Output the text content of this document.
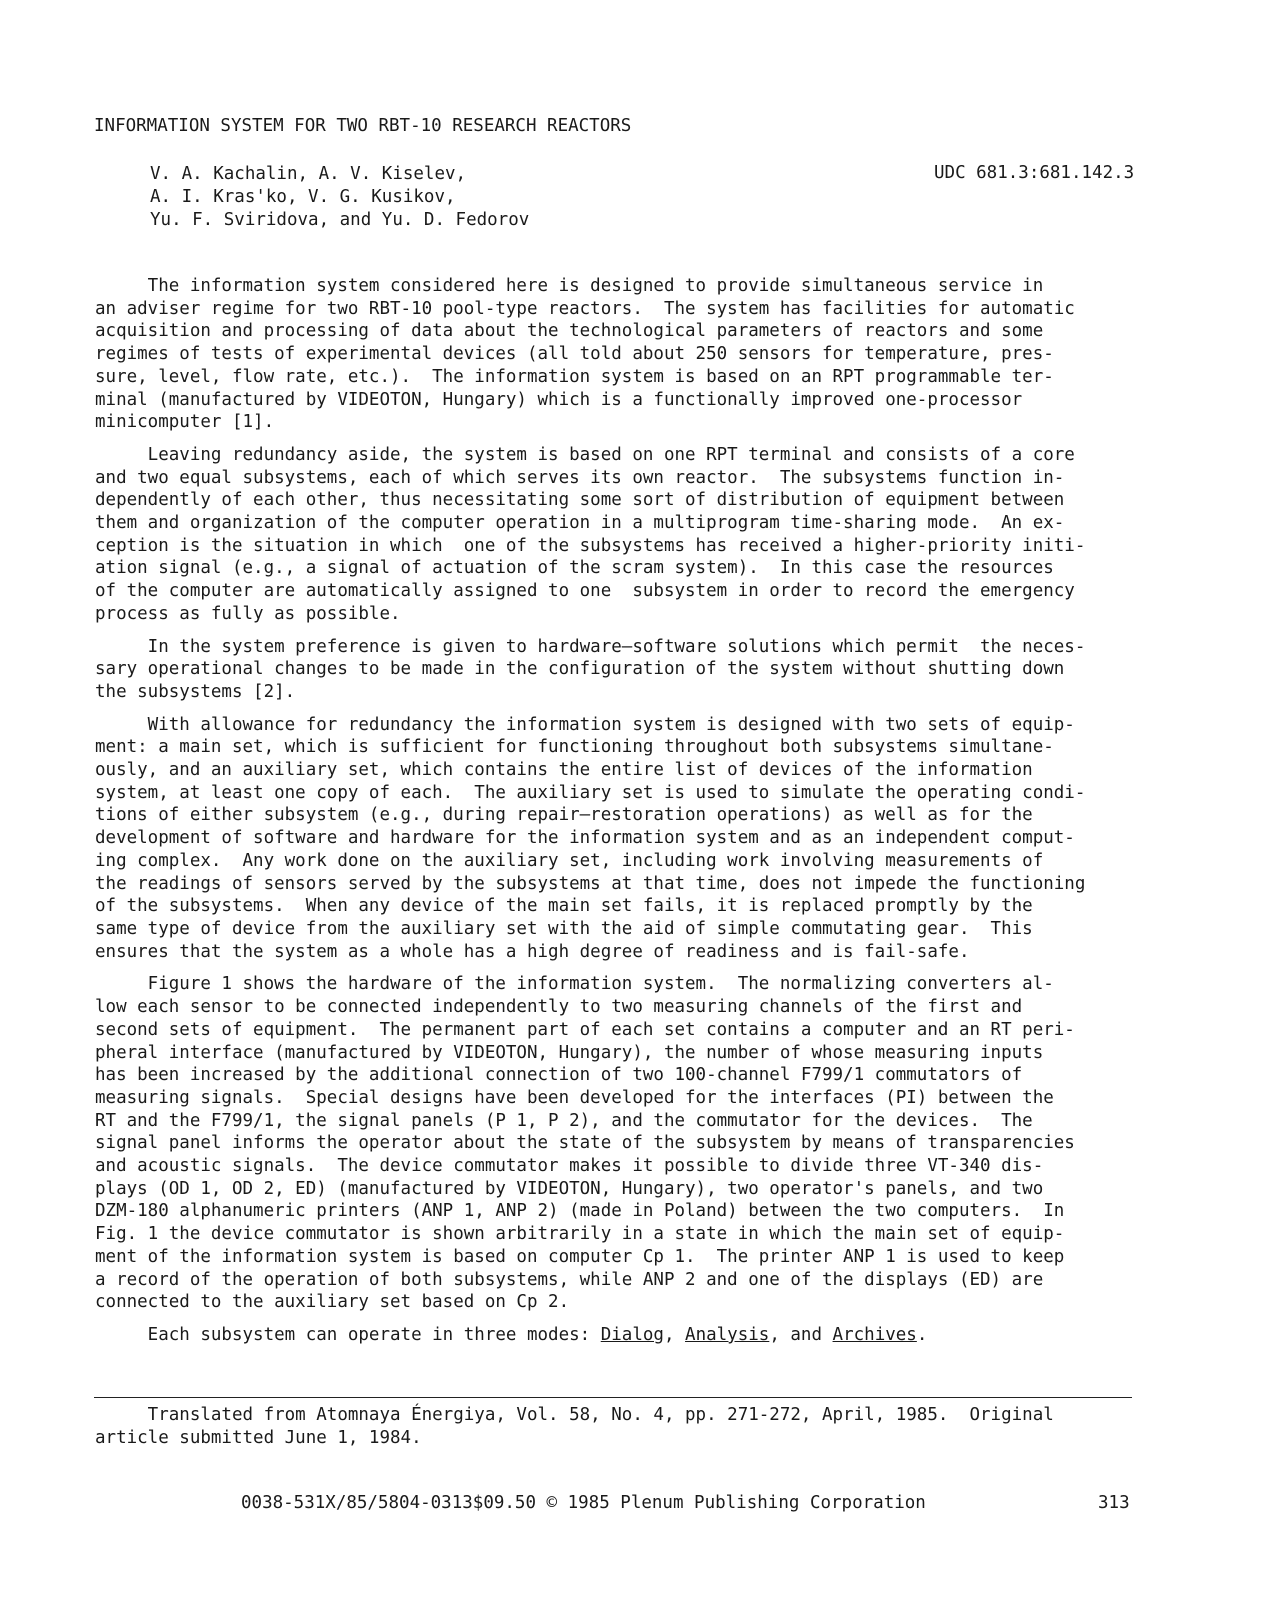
INFORMATION SYSTEM FOR TWO RBT-10 RESEARCH REACTORS
V. A. Kachalin, A. V. Kiselev,
A. I. Kras'ko, V. G. Kusikov,
Yu. F. Sviridova, and Yu. D. Fedorov
UDC 681.3:681.142.3
The information system considered here is designed to provide simultaneous service in
an adviser regime for two RBT-10 pool-type reactors.  The system has facilities for automatic
acquisition and processing of data about the technological parameters of reactors and some
regimes of tests of experimental devices (all told about 250 sensors for temperature, pres-
sure, level, flow rate, etc.).  The information system is based on an RPT programmable ter-
minal (manufactured by VIDEOTON, Hungary) which is a functionally improved one-processor
minicomputer [1].
Leaving redundancy aside, the system is based on one RPT terminal and consists of a core
and two equal subsystems, each of which serves its own reactor.  The subsystems function in-
dependently of each other, thus necessitating some sort of distribution of equipment between
them and organization of the computer operation in a multiprogram time-sharing mode.  An ex-
ception is the situation in which  one of the subsystems has received a higher-priority initi-
ation signal (e.g., a signal of actuation of the scram system).  In this case the resources
of the computer are automatically assigned to one  subsystem in order to record the emergency
process as fully as possible.
In the system preference is given to hardware—software solutions which permit  the neces-
sary operational changes to be made in the configuration of the system without shutting down
the subsystems [2].
With allowance for redundancy the information system is designed with two sets of equip-
ment: a main set, which is sufficient for functioning throughout both subsystems simultane-
ously, and an auxiliary set, which contains the entire list of devices of the information
system, at least one copy of each.  The auxiliary set is used to simulate the operating condi-
tions of either subsystem (e.g., during repair—restoration operations) as well as for the
development of software and hardware for the information system and as an independent comput-
ing complex.  Any work done on the auxiliary set, including work involving measurements of
the readings of sensors served by the subsystems at that time, does not impede the functioning
of the subsystems.  When any device of the main set fails, it is replaced promptly by the
same type of device from the auxiliary set with the aid of simple commutating gear.  This
ensures that the system as a whole has a high degree of readiness and is fail-safe.
Figure 1 shows the hardware of the information system.  The normalizing converters al-
low each sensor to be connected independently to two measuring channels of the first and
second sets of equipment.  The permanent part of each set contains a computer and an RT peri-
pheral interface (manufactured by VIDEOTON, Hungary), the number of whose measuring inputs
has been increased by the additional connection of two 100-channel F799/1 commutators of
measuring signals.  Special designs have been developed for the interfaces (PI) between the
RT and the F799/1, the signal panels (P 1, P 2), and the commutator for the devices.  The
signal panel informs the operator about the state of the subsystem by means of transparencies
and acoustic signals.  The device commutator makes it possible to divide three VT-340 dis-
plays (OD 1, OD 2, ED) (manufactured by VIDEOTON, Hungary), two operator's panels, and two
DZM-180 alphanumeric printers (ANP 1, ANP 2) (made in Poland) between the two computers.  In
Fig. 1 the device commutator is shown arbitrarily in a state in which the main set of equip-
ment of the information system is based on computer Cp 1.  The printer ANP 1 is used to keep
a record of the operation of both subsystems, while ANP 2 and one of the displays (ED) are
connected to the auxiliary set based on Cp 2.
Each subsystem can operate in three modes: Dialog, Analysis, and Archives.
Translated from Atomnaya Énergiya, Vol. 58, No. 4, pp. 271-272, April, 1985.  Original
article submitted June 1, 1984.
0038-531X/85/5804-0313$09.50 © 1985 Plenum Publishing Corporation	313
